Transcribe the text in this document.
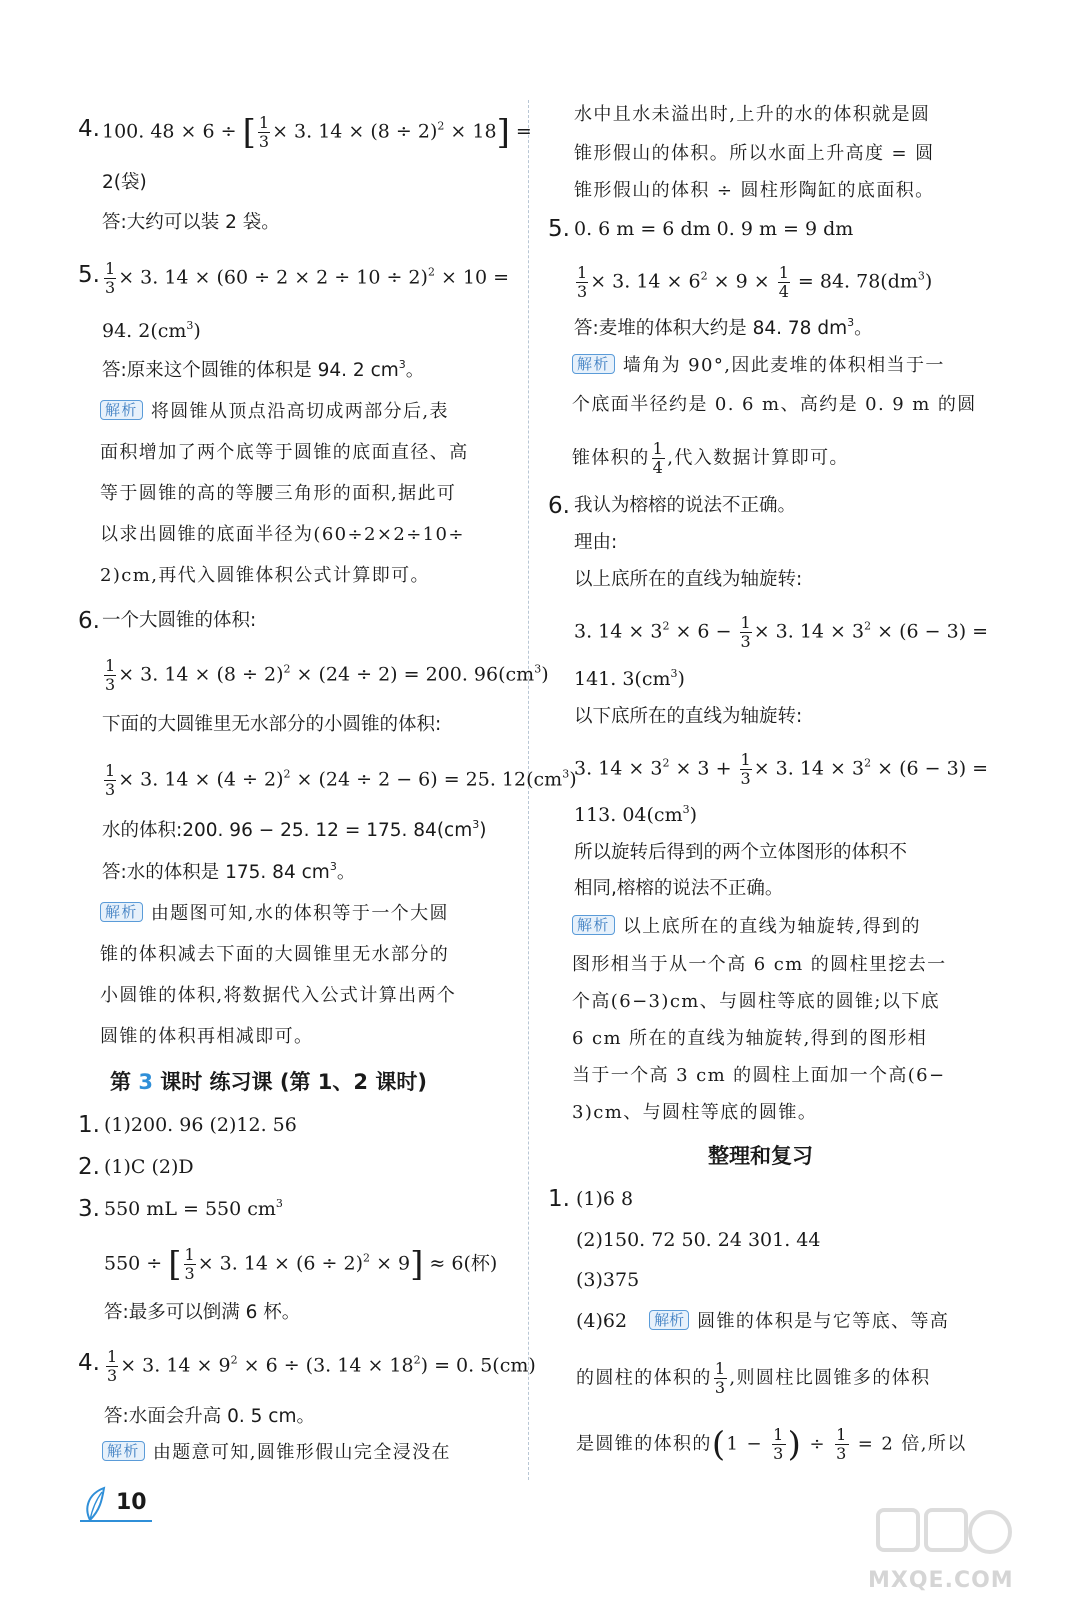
4. 100. 48 × 6 ÷ [ $\frac{1}{3} \times 3$. $14 \times (8 \div 2)^2 \times 18$] =
2(袋)
答:大约可以装 2 袋。
5. $\frac{1}{3} \times 3$. $14 \times (60 \div 2 \times 2 \div 10 \div 2)^2 \times 10$ =
94. $2(cm^3)$
答:原来这个圆锥的体积是 94. 2 $cm^3$。
解析 将圆锥从顶点沿高切成两部分后,表
面积增加了两个底等于圆锥的底面直径、高
等于圆锥的高的等腰三角形的面积,据此可
以求出圆锥的底面半径为(60÷2×2÷10÷
2)cm,再代入圆锥体积公式计算即可。
6. 一个大圆锥的体积:
$\frac{1}{3} \times 3$. $14 \times (8 \div 2)^2 \times (24 \div 2) = 200$. $96(cm^3)$
下面的大圆锥里无水部分的小圆锥的体积:
$\frac{1}{3} \times 3$. $14 \times (4 \div 2)^2 \times (24 \div 2 - 6) = 25$. $12(cm^3)$
水的体积:200. 96 − 25. 12 = 175. $84(cm^3)$
答:水的体积是 175. 84 $cm^3$。
解析 由题图可知,水的体积等于一个大圆
锥的体积减去下面的大圆锥里无水部分的
小圆锥的体积,将数据代入公式计算出两个
圆锥的体积再相减即可。
第 3 课时 练习课 (第 1、2 课时)
1. (1)200. 96 (2)12. 56
2. (1)C (2)D
3. 550 mL = 550 $cm^3$
550 ÷ [ $\frac{1}{3} \times 3$. $14 \times (6 \div 2)^2 \times 9] \approx 6$(杯)
答:最多可以倒满 6 杯。
4. $\frac{1}{3} \times 3$. $14 \times 9^2 \times 6 \div (3$. $14 \times 18^2) = 0$. 5(cm)
答:水面会升高 0. 5 cm。
解析 由题意可知,圆锥形假山完全浸没在
水中且水未溢出时,上升的水的体积就是圆
锥形假山的体积。所以水面上升高度 = 圆
锥形假山的体积 ÷ 圆柱形陶缸的底面积。
5. 0. 6 m = 6 dm 0. 9 m = 9 dm
$\frac{1}{3} \times 3$. $14 \times 6^2 \times 9 \times \frac{1}{4} = 84$. $78(dm^3)$
答:麦堆的体积大约是 84. 78 $dm^3$。
解析 墙角为 90°,因此麦堆的体积相当于一
个底面半径约是 0. 6 m、高约是 0. 9 m 的圆
锥体积的 $\frac{1}{4}$ ,代入数据计算即可。
6. 我认为榕榕的说法不正确。
理由:
以上底所在的直线为轴旋转:
3. $14 \times 3^2 \times 6 - \frac{1}{3} \times 3$. $14 \times 3^2 \times (6 - 3)$ =
141. $3(cm^3)$
以下底所在的直线为轴旋转:
3. $14 \times 3^2 \times 3 + \frac{1}{3} \times 3$. $14 \times 3^2 \times (6 - 3)$ =
113. $04(cm^3)$
所以旋转后得到的两个立体图形的体积不
相同,榕榕的说法不正确。
解析 以上底所在的直线为轴旋转,得到的
图形相当于从一个高 6 cm 的圆柱里挖去一
个高(6−3)cm、与圆柱等底的圆锥;以下底
6 cm 所在的直线为轴旋转,得到的图形相
当于一个高 3 cm 的圆柱上面加一个高(6−
3)cm、与圆柱等底的圆锥。
整理和复习
1. (1)6 8
(2)150. 72 50. 24 301. 44
(3)375
(4)62 解析 圆锥的体积是与它等底、等高
的圆柱的体积的 $\frac{1}{3}$ ,则圆柱比圆锥多的体积
是圆锥的体积的($1 - \frac{1}{3}$ ) ÷ $\frac{1}{3} = 2$ 倍,所以
10
MXQE.COM
